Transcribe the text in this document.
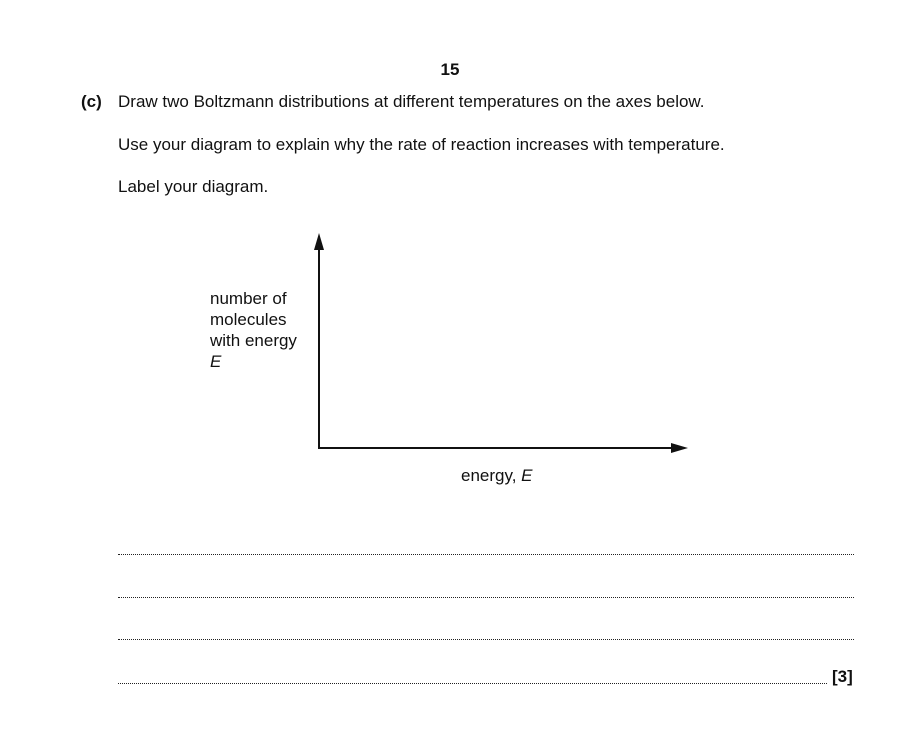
15
(c) Draw two Boltzmann distributions at different temperatures on the axes below.
Use your diagram to explain why the rate of reaction increases with temperature.
Label your diagram.
number of
molecules
with energy
E
energy, E
[3]
